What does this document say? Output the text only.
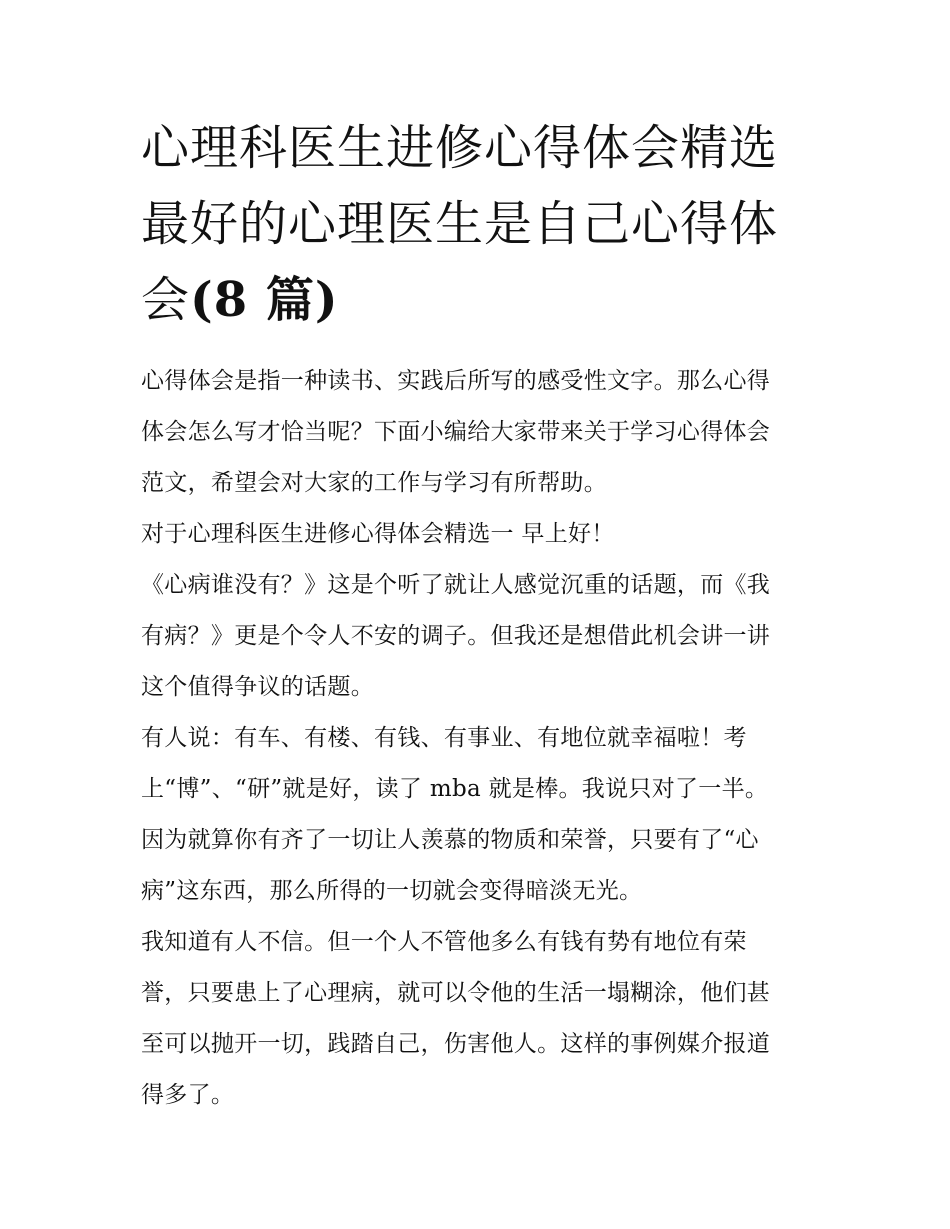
心理科医生进修心得体会精选
最好的心理医生是自己心得体
会(8 篇)

心得体会是指一种读书、实践后所写的感受性文字。那么心得
体会怎么写才恰当呢？下面小编给大家带来关于学习心得体会
范文，希望会对大家的工作与学习有所帮助。

对于心理科医生进修心得体会精选一 早上好！

《心病谁没有？》这是个听了就让人感觉沉重的话题，而《我
有病？》更是个令人不安的调子。但我还是想借此机会讲一讲
这个值得争议的话题。

有人说：有车、有楼、有钱、有事业、有地位就幸福啦！考
上“博”、“研”就是好，读了 mba 就是棒。我说只对了一半。
因为就算你有齐了一切让人羡慕的物质和荣誉，只要有了“心
病”这东西，那么所得的一切就会变得暗淡无光。

我知道有人不信。但一个人不管他多么有钱有势有地位有荣
誉，只要患上了心理病，就可以令他的生活一塌糊涂，他们甚
至可以抛开一切，践踏自己，伤害他人。这样的事例媒介报道
得多了。
